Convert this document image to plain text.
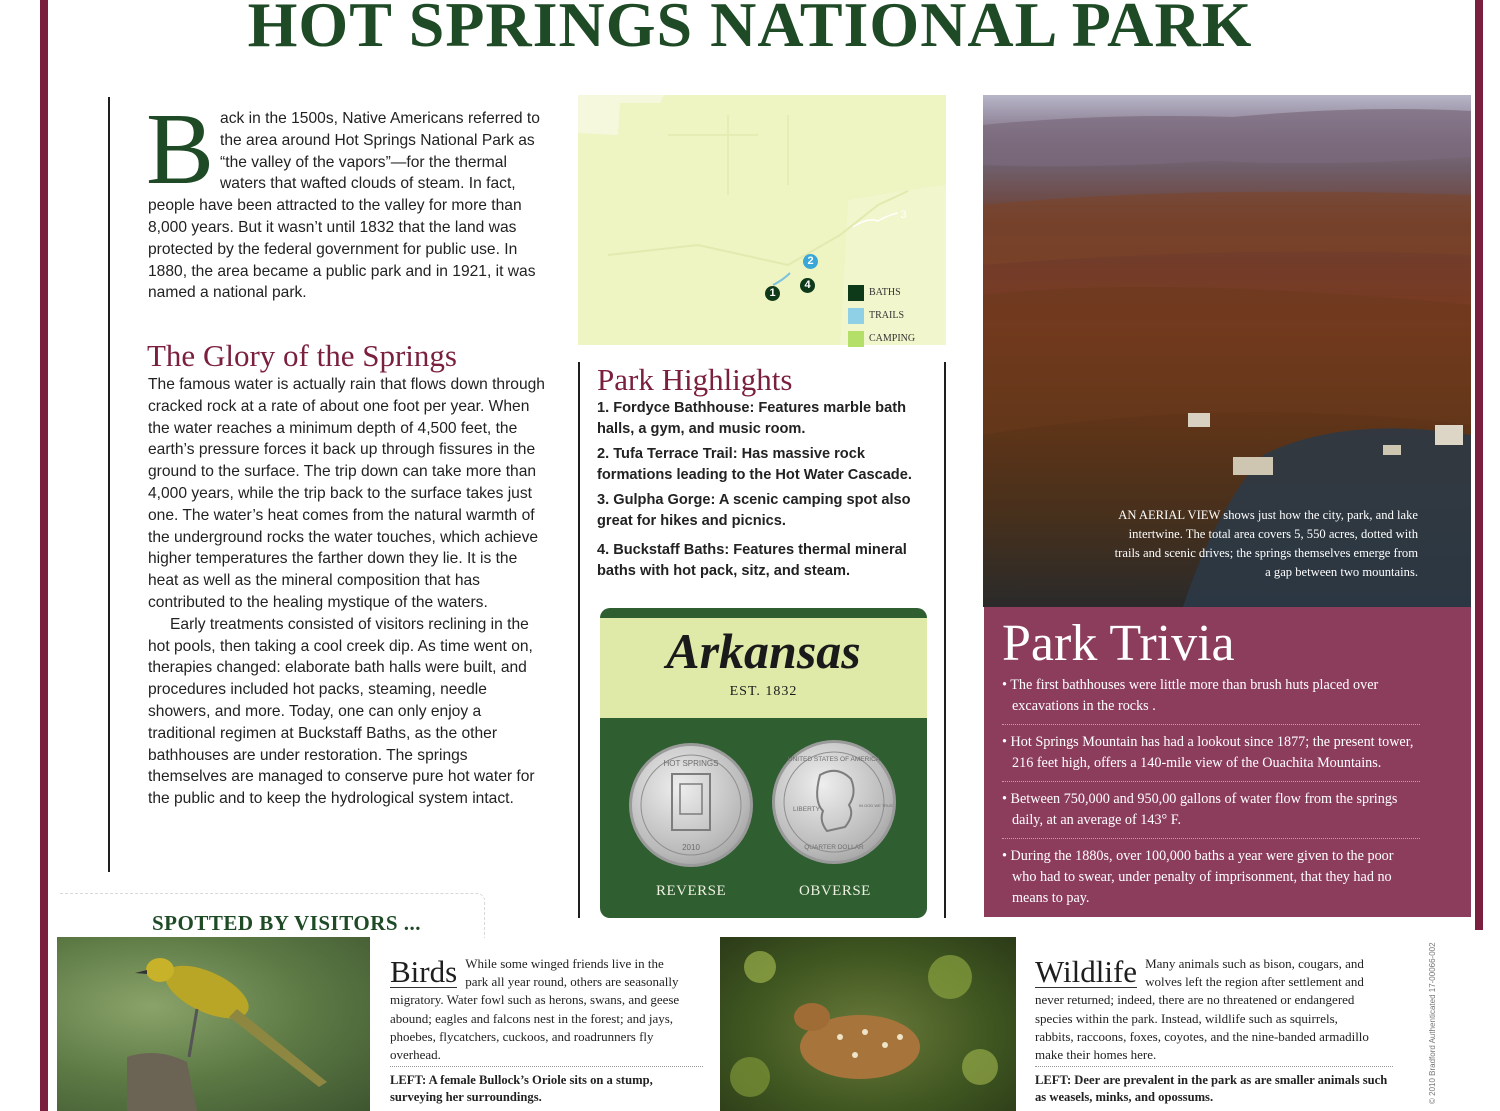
HOT SPRINGS NATIONAL PARK
B ack in the 1500s, Native Americans referred to the area around Hot Springs National Park as “the valley of the vapors”—for the thermal waters that wafted clouds of steam. In fact, people have been attracted to the valley for more than 8,000 years. But it wasn’t until 1832 that the land was protected by the federal government for public use. In 1880, the area became a public park and in 1921, it was named a national park.
The Glory of the Springs

The famous water is actually rain that flows down through cracked rock at a rate of about one foot per year. When the water reaches a minimum depth of 4,500 feet, the earth’s pressure forces it back up through fissures in the ground to the surface. The trip down can take more than 4,000 years, while the trip back to the surface takes just one. The water’s heat comes from the natural warmth of the underground rocks the water touches, which achieve higher temperatures the farther down they lie. It is the heat as well as the mineral composition that has contributed to the healing mystique of the waters.

Early treatments consisted of visitors reclining in the hot pools, then taking a cool creek dip. As time went on, therapies changed: elaborate bath halls were built, and procedures included hot packs, steaming, needle showers, and more. Today, one can only enjoy a traditional regimen at Buckstaff Baths, as the other bathhouses are under restoration. The springs themselves are managed to conserve pure hot water for the public and to keep the hydrological system intact.

1
2
4
3
BATHS
TRAILS
CAMPING
Park Highlights

1. Fordyce Bathhouse: Features marble bath halls, a gym, and music room.

2. Tufa Terrace Trail: Has massive rock formations leading to the Hot Water Cascade.

3. Gulpha Gorge: A scenic camping spot also great for hikes and picnics.

4. Buckstaff Baths: Features thermal mineral baths with hot pack, sitz, and steam.

Arkansas
EST. 1832
HOT SPRINGS
2010
UNITED STATES OF AMERICA
LIBERTY
IN GOD WE TRUST
QUARTER DOLLAR
REVERSE	OBVERSE
AN AERIAL VIEW shows just how the city, park, and lake intertwine. The total area covers 5, 550 acres, dotted with trails and scenic drives; the springs themselves emerge from a gap between two mountains.
Park Trivia
• The first bathhouses were little more than brush huts placed over excavations in the rocks .
• Hot Springs Mountain has had a lookout since 1877; the present tower, 216 feet high, offers a 140-mile view of the Ouachita Mountains.
• Between 750,000 and 950,00 gallons of water flow from the springs daily, at an average of 143° F.
• During the 1880s, over 100,000 baths a year were given to the poor who had to swear, under penalty of imprisonment, that they had no means to pay.
SPOTTED BY VISITORS ...
Birds While some winged friends live in the park all year round, others are seasonally migratory. Water fowl such as herons, swans, and geese abound; eagles and falcons nest in the forest; and jays, phoebes, flycatchers, cuckoos, and roadrunners fly overhead.
LEFT: A female Bullock’s Oriole sits on a stump, surveying her surroundings.
Wildlife Many animals such as bison, cougars, and wolves left the region after settlement and never returned; indeed, there are no threatened or endangered species within the park. Instead, wildlife such as squirrels, rabbits, raccoons, foxes, coyotes, and the nine-banded armadillo make their homes here.
LEFT: Deer are prevalent in the park as are smaller animals such as weasels, minks, and opossums.	© 2010 Bradford Authenticated 17-00066-002
